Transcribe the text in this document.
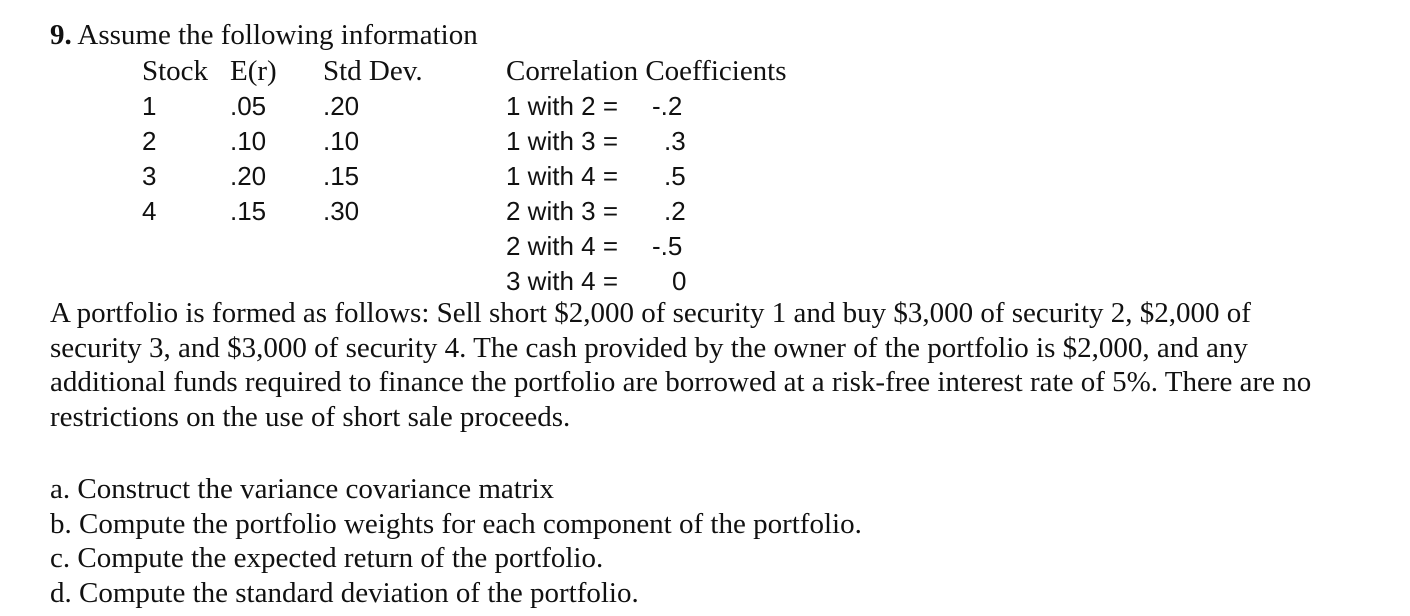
9. Assume the following information
Stock E(r) Std Dev.	Correlation Coefficients
1	.05 .20
2	.10 .10
3	.20 .15
4	.15 .30
1 with 2 = -.2
1 with 3 = .3
1 with 4 = .5
2 with 3 = .2
2 with 4 = -.5
3 with 4 = 0
A portfolio is formed as follows: Sell short $2,000 of security 1 and buy $3,000 of security 2, $2,000 of
security 3, and $3,000 of security 4. The cash provided by the owner of the portfolio is $2,000, and any
additional funds required to finance the portfolio are borrowed at a risk-free interest rate of 5%. There are no
restrictions on the use of short sale proceeds.
a. Construct the variance covariance matrix
b. Compute the portfolio weights for each component of the portfolio.
c. Compute the expected return of the portfolio.
d. Compute the standard deviation of the portfolio.
